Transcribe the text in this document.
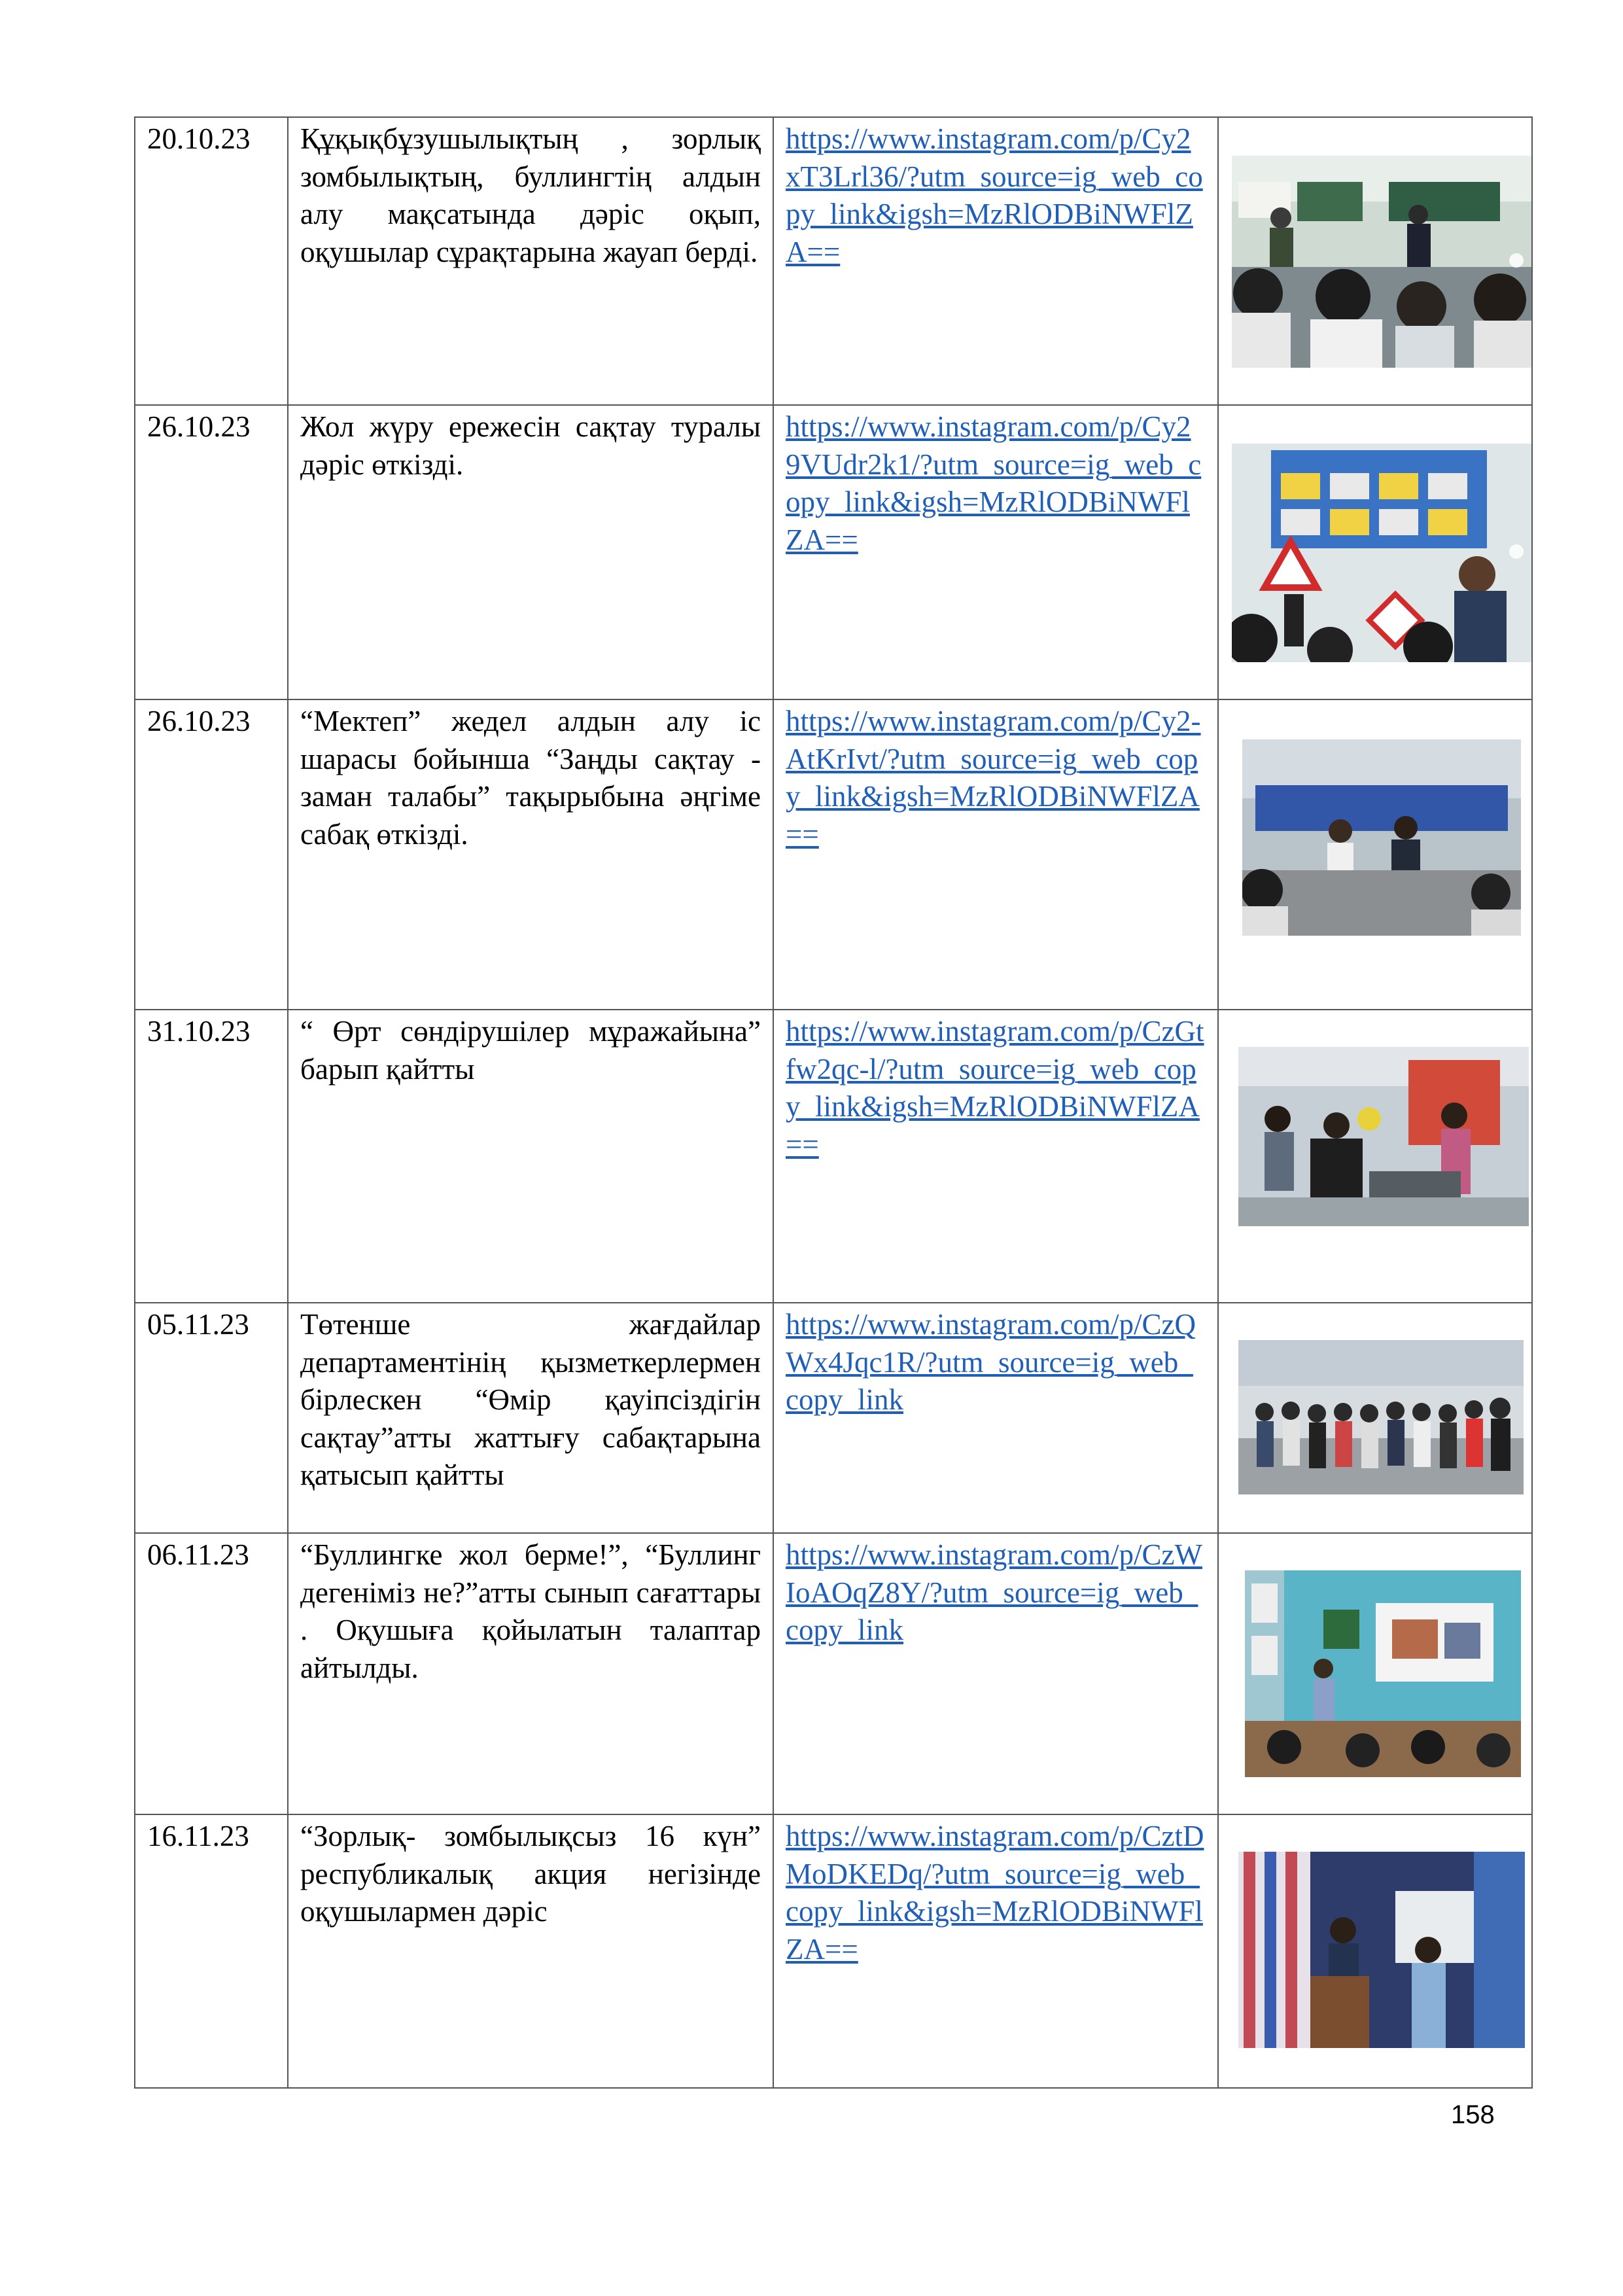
20.10.23	Құқықбұзушылықтың , зорлық зомбылықтың, буллингтің алдын алу мақсатында дәріс оқып, оқушылар сұрақтарына жауап берді.	https://www.instagram.com/p/Cy2xT3Lrl36/?utm_source=ig_web_copy_link&igsh=MzRlODBiNWFlZA==	

26.10.23	Жол жүру ережесін сақтау туралы дәріс өткізді.	https://www.instagram.com/p/Cy29VUdr2k1/?utm_source=ig_web_copy_link&igsh=MzRlODBiNWFlZA==	

26.10.23	“Мектеп” жедел алдын алу іс шарасы бойынша “Заңды сақтау - заман талабы” тақырыбына әңгіме сабақ өткізді.	https://www.instagram.com/p/Cy2-AtKrIvt/?utm_source=ig_web_copy_link&igsh=MzRlODBiNWFlZA==	

31.10.23	“ Өрт сөндірушілер мұражайына” барып қайтты	https://www.instagram.com/p/CzGtfw2qc-l/?utm_source=ig_web_copy_link&igsh=MzRlODBiNWFlZA==	

05.11.23	Төтенше жағдайлар департаментінің қызметкерлермен бірлескен “Өмір қауіпсіздігін сақтау”атты жаттығу сабақтарына қатысып қайтты	https://www.instagram.com/p/CzQWx4Jqc1R/?utm_source=ig_web_copy_link	

06.11.23	“Буллингке жол берме!”, “Буллинг дегеніміз не?”атты сынып сағаттары . Оқушыға қойылатын талаптар айтылды.	https://www.instagram.com/p/CzWIoAOqZ8Y/?utm_source=ig_web_copy_link	

16.11.23	“Зорлық- зомбылықсыз 16 күн” республикалық акция негізінде оқушылармен дәріс	https://www.instagram.com/p/CztDMoDKEDq/?utm_source=ig_web_copy_link&igsh=MzRlODBiNWFlZA==	
158
